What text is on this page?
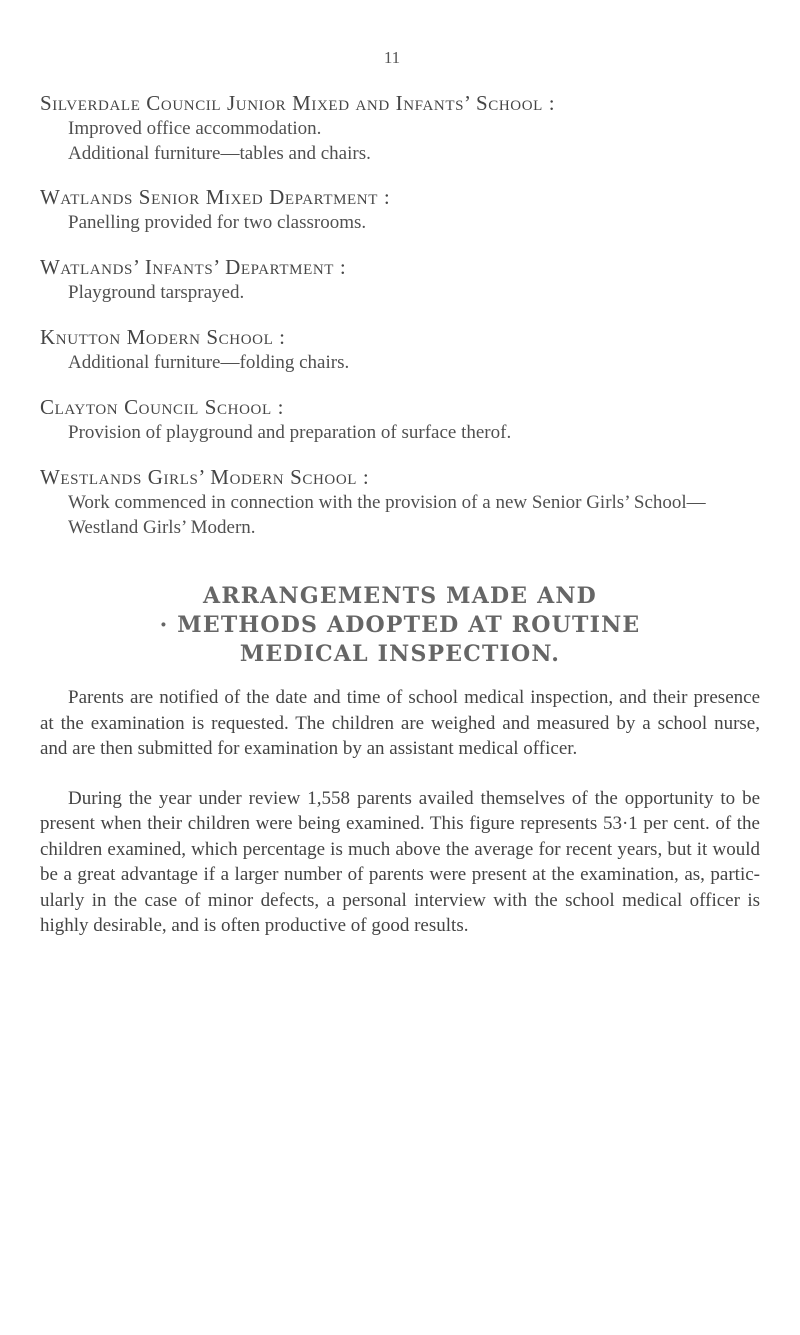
11

Silverdale Council Junior Mixed and Infants’ School :

Improved office accommodation.

Additional furniture—tables and chairs.

Watlands Senior Mixed Department :

Panelling provided for two classrooms.

Watlands’ Infants’ Department :

Playground tarsprayed.

Knutton Modern School :

Additional furniture—folding chairs.

Clayton Council School :

Provision of playground and preparation of surface therof.

Westlands Girls’ Modern School :

Work commenced in connection with the provision of a new Senior Girls’ School—Westland Girls’ Modern.

ARRANGEMENTS MADE AND
· METHODS ADOPTED AT ROUTINE
MEDICAL INSPECTION.

Parents are notified of the date and time of school medical inspection, and their presence at the examination is requested. The children are weighed and measured by a school nurse, and are then submitted for examination by an assistant medical officer.

During the year under review 1,558 parents availed themselves of the opportunity to be present when their children were being examined. This figure represents 53·1 per cent. of the children examined, which percentage is much above the average for recent years, but it would be a great advantage if a larger number of parents were present at the examination, as, particularly in the case of minor defects, a personal interview with the school medical officer is highly desirable, and is often productive of good results.
